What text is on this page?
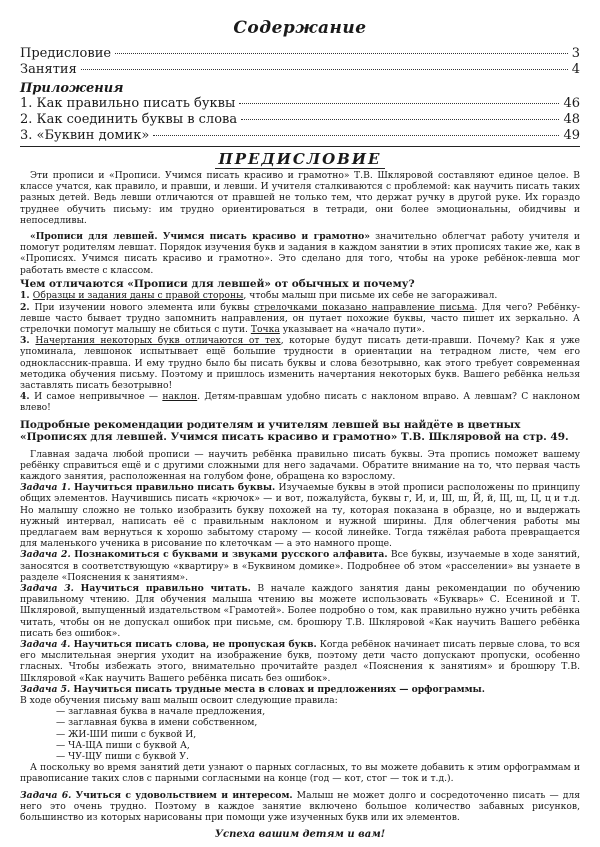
Содержание
Предисловие	3
Занятия	4
Приложения
1. Как правильно писать буквы	46
2. Как соединить буквы в слова	48
3. «Буквин домик»	49
ПРЕДИСЛОВИЕ

Эти прописи и «Прописи. Учимся писать красиво и грамотно» Т.В. Шкляровой составляют единое целое. В классе учатся, как правило, и правши, и левши. И учителя сталкиваются с проблемой: как научить писать таких разных детей. Ведь левши отличаются от правшей не только тем, что держат ручку в другой руке. Их гораздо труднее обучить письму: им трудно ориентироваться в тетради, они более эмоциональны, обидчивы и непоседливы.

«Прописи для левшей. Учимся писать красиво и грамотно» значительно облегчат работу учителя и помогут родителям левшат. Порядок изучения букв и задания в каждом занятии в этих прописях такие же, как в «Прописях. Учимся писать красиво и грамотно». Это сделано для того, чтобы на уроке ребёнок-левша мог работать вместе с классом.

Чем отличаются «Прописи для левшей» от обычных и почему?

1. Образцы и задания даны с правой стороны, чтобы малыш при письме их себе не загораживал.

2. При изучении нового элемента или буквы стрелочками показано направление письма. Для чего? Ребёнку-левше часто бывает трудно запомнить направления, он путает похожие буквы, часто пишет их зеркально. А стрелочки помогут малышу не сбиться с пути. Точка указывает на «начало пути».

3. Начертания некоторых букв отличаются от тех, которые будут писать дети-правши. Почему? Как я уже упоминала, левшонок испытывает ещё большие трудности в ориентации на тетрадном листе, чем его одноклассник-правша. И ему трудно было бы писать буквы и слова безотрывно, как этого требует современная методика обучения письму. Поэтому и пришлось изменить начертания некоторых букв. Вашего ребёнка нельзя заставлять писать безотрывно!

4. И самое непривычное — наклон. Детям-правшам удобно писать с наклоном вправо. А левшам? С наклоном влево!

Подробные рекомендации родителям и учителям левшей вы найдёте в цветных «Прописях для левшей. Учимся писать красиво и грамотно» Т.В. Шкляровой на стр. 49.

Главная задача любой прописи — научить ребёнка правильно писать буквы. Эта пропись поможет вашему ребёнку справиться ещё и с другими сложными для него задачами. Обратите внимание на то, что первая часть каждого занятия, расположенная на голубом фоне, обращена ко взрослому.

Задача 1. Научиться правильно писать буквы. Изучаемые буквы в этой прописи расположены по принципу общих элементов. Научившись писать «крючок» — и вот, пожалуйста, буквы г, И, и, Ш, ш, Й, й, Щ, щ, Ц, ц и т.д. Но малышу сложно не только изобразить букву похожей на ту, которая показана в образце, но и выдержать нужный интервал, написать её с правильным наклоном и нужной ширины. Для облегчения работы мы предлагаем вам вернуться к хорошо забытому старому — косой линейке. Тогда тяжёлая работа превращается для маленького ученика в рисование по клеточкам — а это намного проще.

Задача 2. Познакомиться с буквами и звуками русского алфавита. Все буквы, изучаемые в ходе занятий, заносятся в соответствующую «квартиру» в «Буквином домике». Подробнее об этом «расселении» вы узнаете в разделе «Пояснения к занятиям».

Задача 3. Научиться правильно читать. В начале каждого занятия даны рекомендации по обучению правильному чтению. Для обучения малыша чтению вы можете использовать «Букварь» С. Есениной и Т. Шкляровой, выпущенный издательством «Грамотей». Более подробно о том, как правильно нужно учить ребёнка читать, чтобы он не допускал ошибок при письме, см. брошюру Т.В. Шкляровой «Как научить Вашего ребёнка писать без ошибок».

Задача 4. Научиться писать слова, не пропуская букв. Когда ребёнок начинает писать первые слова, то вся его мыслительная энергия уходит на изображение букв, поэтому дети часто допускают пропуски, особенно гласных. Чтобы избежать этого, внимательно прочитайте раздел «Пояснения к занятиям» и брошюру Т.В. Шкляровой «Как научить Вашего ребёнка писать без ошибок».

Задача 5. Научиться писать трудные места в словах и предложениях — орфограммы.

В ходе обучения письму ваш малыш освоит следующие правила:

— заглавная буква в начале предложения,
— заглавная буква в имени собственном,
— ЖИ-ШИ пиши с буквой И,
— ЧА-ЩА пиши с буквой А,
— ЧУ-ЩУ пиши с буквой У.

А поскольку во время занятий дети узнают о парных согласных, то вы можете добавить к этим орфограммам и правописание таких слов с парными согласными на конце (год — кот, стог — ток и т.д.).

Задача 6. Учиться с удовольствием и интересом. Малыш не может долго и сосредоточенно писать — для него это очень трудно. Поэтому в каждое занятие включено большое количество забавных рисунков, большинство из которых нарисованы при помощи уже изученных букв или их элементов.

Успеха вашим детям и вам!
